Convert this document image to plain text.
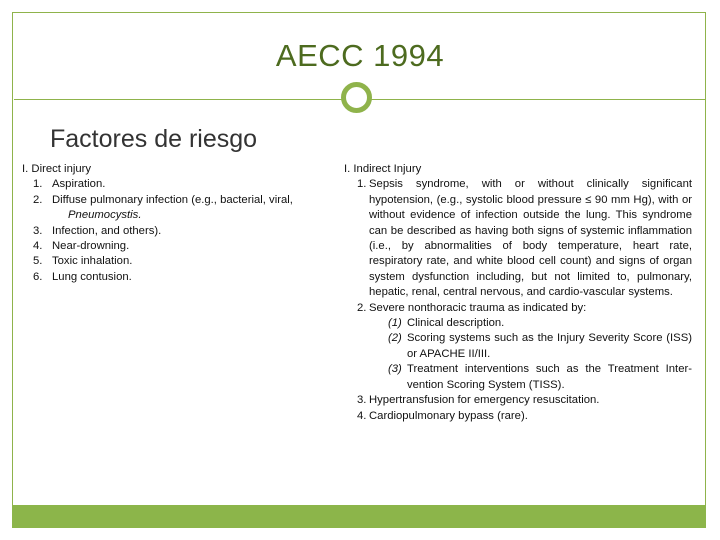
AECC 1994
Factores de riesgo
I. Direct injury
1. Aspiration.
2. Diffuse pulmonary infection (e.g., bacterial, viral,
Pneumocystis.
3. Infection, and others).
4. Near-drowning.
5. Toxic inhalation.
6. Lung contusion.
I. Indirect Injury
1. Sepsis syndrome, with or without clinically significant hypotension, (e.g., systolic blood pressure ≤ 90 mm Hg), with or without evidence of infection outside the lung. This syndrome can be described as having both signs of systemic inflammation (i.e., by abnormalities of body temperature, heart rate, respiratory rate, and white blood cell count) and signs of organ system dysfunction including, but not limited to, pulmonary, hepatic, renal, central nervous, and cardio-vascular systems.
2. Severe nonthoracic trauma as indicated by:
(1) Clinical description.
(2) Scoring systems such as the Injury Severity Score (ISS) or APACHE II/III.
(3) Treatment interventions such as the Treatment Inter-vention Scoring System (TISS).
3. Hypertransfusion for emergency resuscitation.
4. Cardiopulmonary bypass (rare).
